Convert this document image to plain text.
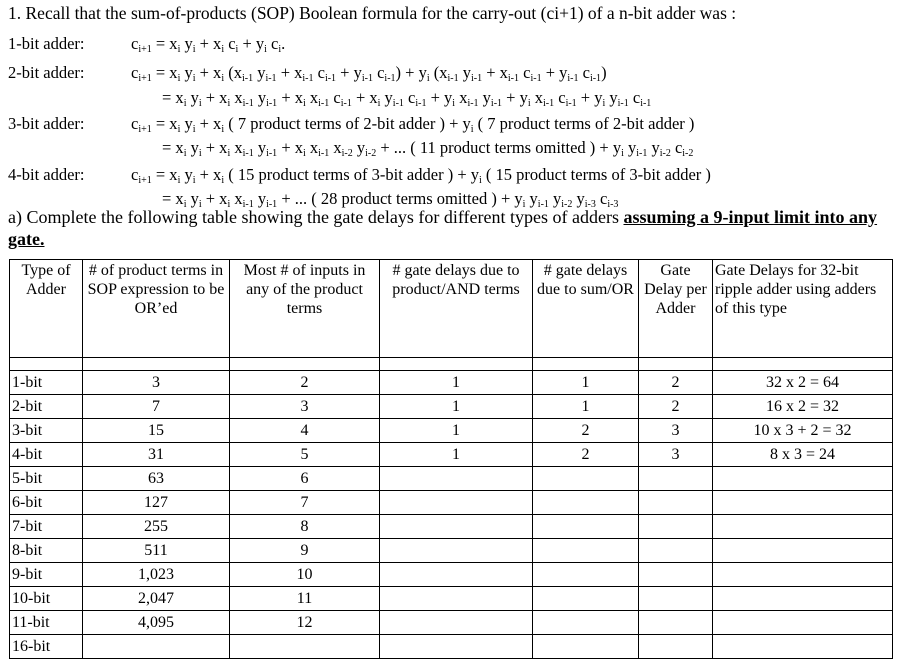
1. Recall that the sum-of-products (SOP) Boolean formula for the carry-out (ci+1) of a n-bit adder was :
1-bit adder:	$c_{i+1} = x_i$ $y_i + x_i$ $c_i + y_i$ $c_i$.
2-bit adder:	$c_{i+1} = x_i$ $y_i + x_i$ ($x_{i-1}$ $y_{i-1} + x_{i-1}$ $c_{i-1} + y_{i-1}$ $c_{i-1}) + y_i$ ($x_{i-1}$ $y_{i-1} + x_{i-1}$ $c_{i-1} + y_{i-1}$ $c_{i-1}$)
= $x_i$ $y_i + x_i$ $x_{i-1}$ $y_{i-1} + x_i$ $x_{i-1}$ $c_{i-1} + x_i$ $y_{i-1}$ $c_{i-1} + y_i$ $x_{i-1}$ $y_{i-1} + y_i$ $x_{i-1}$ $c_{i-1} + y_i$ $y_{i-1}$ $c_{i-1}$
3-bit adder:	$c_{i+1} = x_i$ $y_i + x_i$ ( 7 product terms of 2-bit adder ) + $y_i$ ( 7 product terms of 2-bit adder )
= $x_i$ $y_i + x_i$ $x_{i-1}$ $y_{i-1} + x_i$ $x_{i-1}$ $x_{i-2}$ $y_{i-2}$ + ... ( 11 product terms omitted ) + $y_i$ $y_{i-1}$ $y_{i-2}$ $c_{i-2}$
4-bit adder:	$c_{i+1} = x_i$ $y_i + x_i$ ( 15 product terms of 3-bit adder ) + $y_i$ ( 15 product terms of 3-bit adder )
= $x_i$ $y_i + x_i$ $x_{i-1}$ $y_{i-1}$ + ... ( 28 product terms omitted ) + $y_i$ $y_{i-1}$ $y_{i-2}$ $y_{i-3}$ $c_{i-3}$
a) Complete the following table showing the gate delays for different types of adders assuming a 9-input limit into any gate.
Type of Adder	# of product terms in SOP expression to be OR’ed	Most # of inputs in any of the product terms	# gate delays due to product/AND terms	# gate delays due to sum/OR	Gate Delay per Adder	Gate Delays for 32-bit ripple adder using adders of this type

1-bit	3	2	1	1	2	32 x 2 = 64
2-bit	7	3	1	1	2	16 x 2 = 32
3-bit	15	4	1	2	3	10 x 3 + 2 = 32
4-bit	31	5	1	2	3	8 x 3 = 24
5-bit	63	6				
6-bit	127	7				
7-bit	255	8				
8-bit	511	9				
9-bit	1,023	10				
10-bit	2,047	11				
11-bit	4,095	12				
16-bit						
